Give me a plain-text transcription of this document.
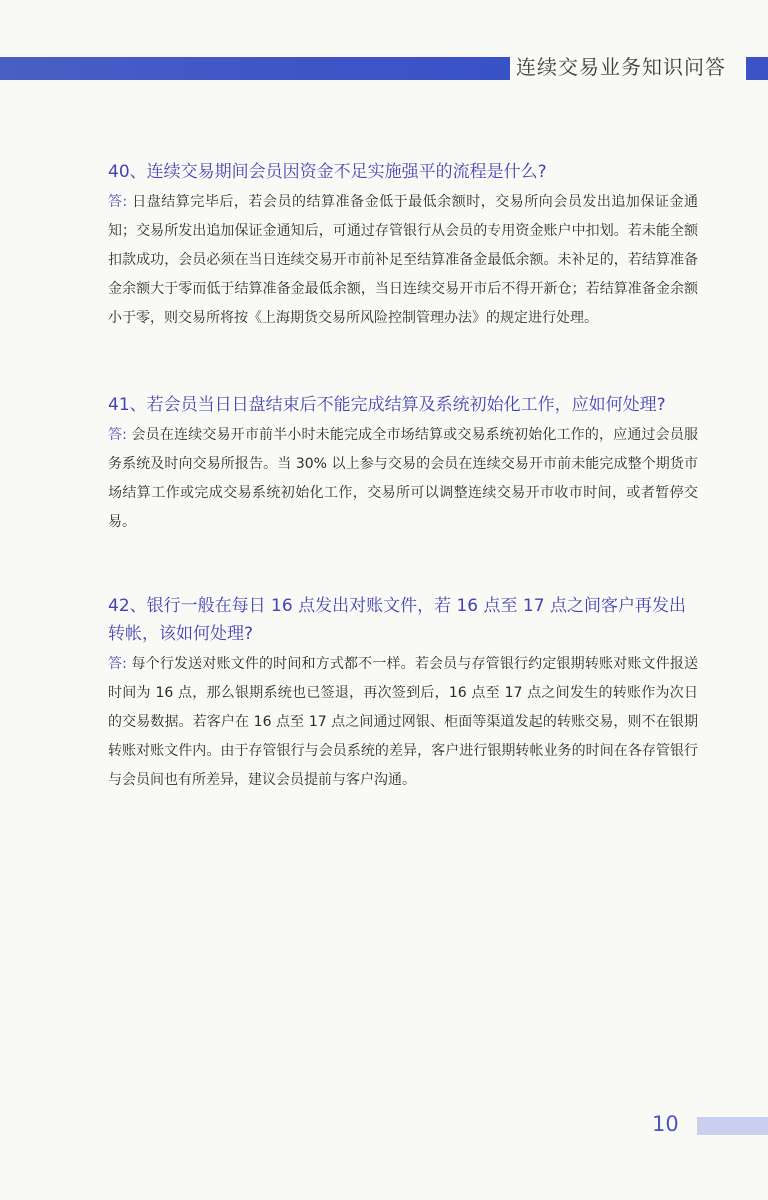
连续交易业务知识问答
40、连续交易期间会员因资金不足实施强平的流程是什么?

答: 日盘结算完毕后，若会员的结算准备金低于最低余额时，交易所向会员发出追加保证金通知；交易所发出追加保证金通知后，可通过存管银行从会员的专用资金账户中扣划。若未能全额扣款成功，会员必须在当日连续交易开市前补足至结算准备金最低余额。未补足的，若结算准备金余额大于零而低于结算准备金最低余额，当日连续交易开市后不得开新仓；若结算准备金余额小于零，则交易所将按《上海期货交易所风险控制管理办法》的规定进行处理。

41、若会员当日日盘结束后不能完成结算及系统初始化工作，应如何处理?

答: 会员在连续交易开市前半小时未能完成全市场结算或交易系统初始化工作的，应通过会员服务系统及时向交易所报告。当 30% 以上参与交易的会员在连续交易开市前未能完成整个期货市场结算工作或完成交易系统初始化工作，交易所可以调整连续交易开市收市时间，或者暂停交易。

42、银行一般在每日 16 点发出对账文件，若 16 点至 17 点之间客户再发出转帐，该如何处理?

答: 每个行发送对账文件的时间和方式都不一样。若会员与存管银行约定银期转账对账文件报送时间为 16 点，那么银期系统也已签退，再次签到后，16 点至 17 点之间发生的转账作为次日的交易数据。若客户在 16 点至 17 点之间通过网银、柜面等渠道发起的转账交易，则不在银期转账对账文件内。由于存管银行与会员系统的差异，客户进行银期转帐业务的时间在各存管银行与会员间也有所差异，建议会员提前与客户沟通。

10
